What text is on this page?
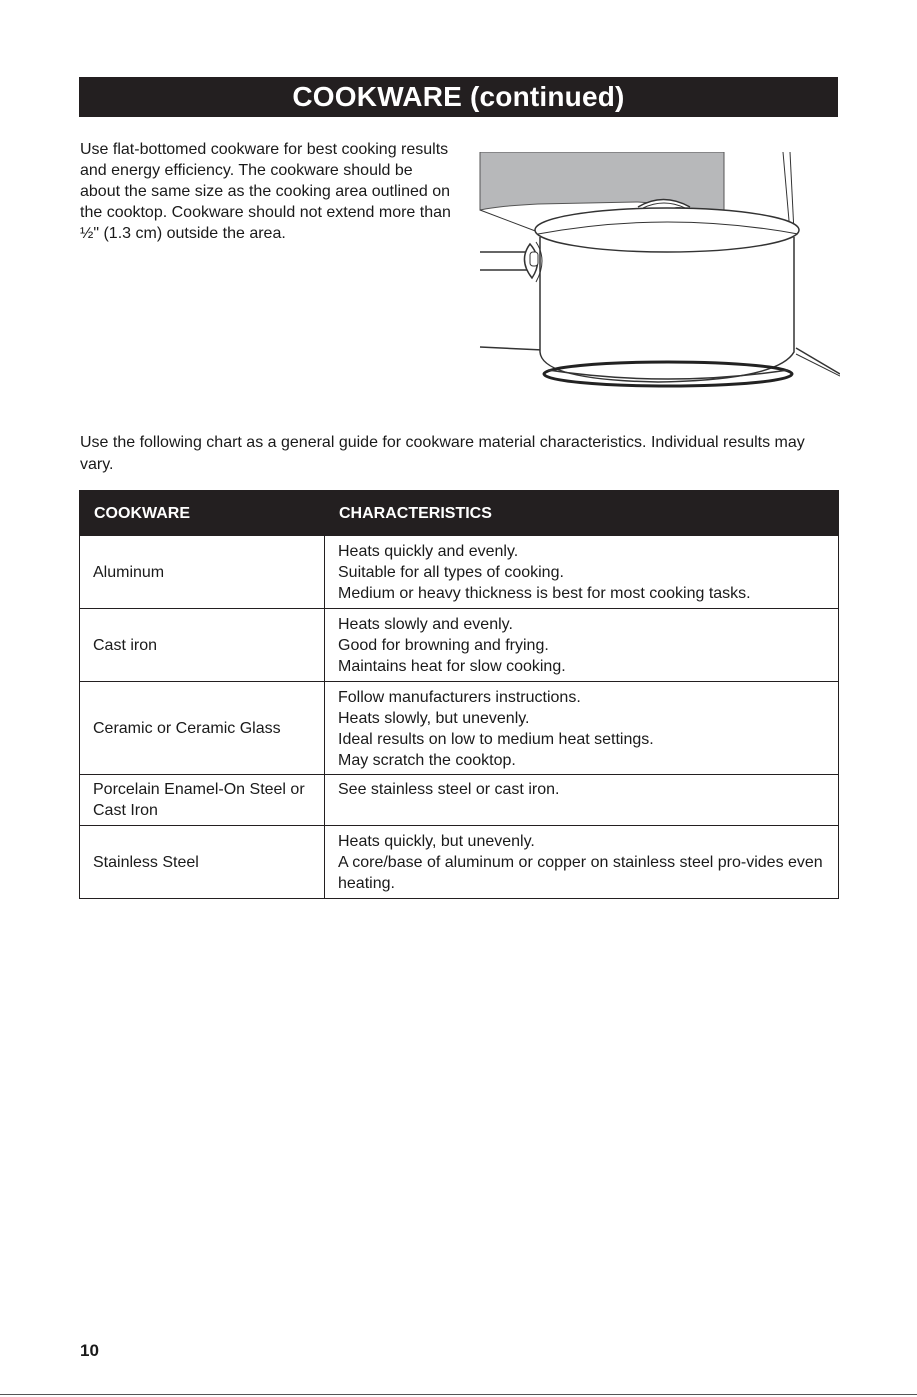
COOKWARE (continued)

Use flat-bottomed cookware for best cooking results and energy efficiency. The cookware should be about the same size as the cooking area outlined on the cooktop. Cookware should not extend more than ½" (1.3 cm) outside the area.

Use the following chart as a general guide for cookware material characteristics. Individual results may vary.

COOKWARE	CHARACTERISTICS
Aluminum	Heats quickly and evenly.
Suitable for all types of cooking.
Medium or heavy thickness is best for most cooking tasks.

Cast iron	Heats slowly and evenly.
Good for browning and frying.
Maintains heat for slow cooking.

Ceramic or Ceramic Glass	Follow manufacturers instructions.
Heats slowly, but unevenly.
Ideal results on low to medium heat settings.
May scratch the cooktop.

Porcelain Enamel-On Steel or Cast Iron	See stainless steel or cast iron.

Stainless Steel	Heats quickly, but unevenly.
A core/base of aluminum or copper on stainless steel pro-vides even heating.
10
